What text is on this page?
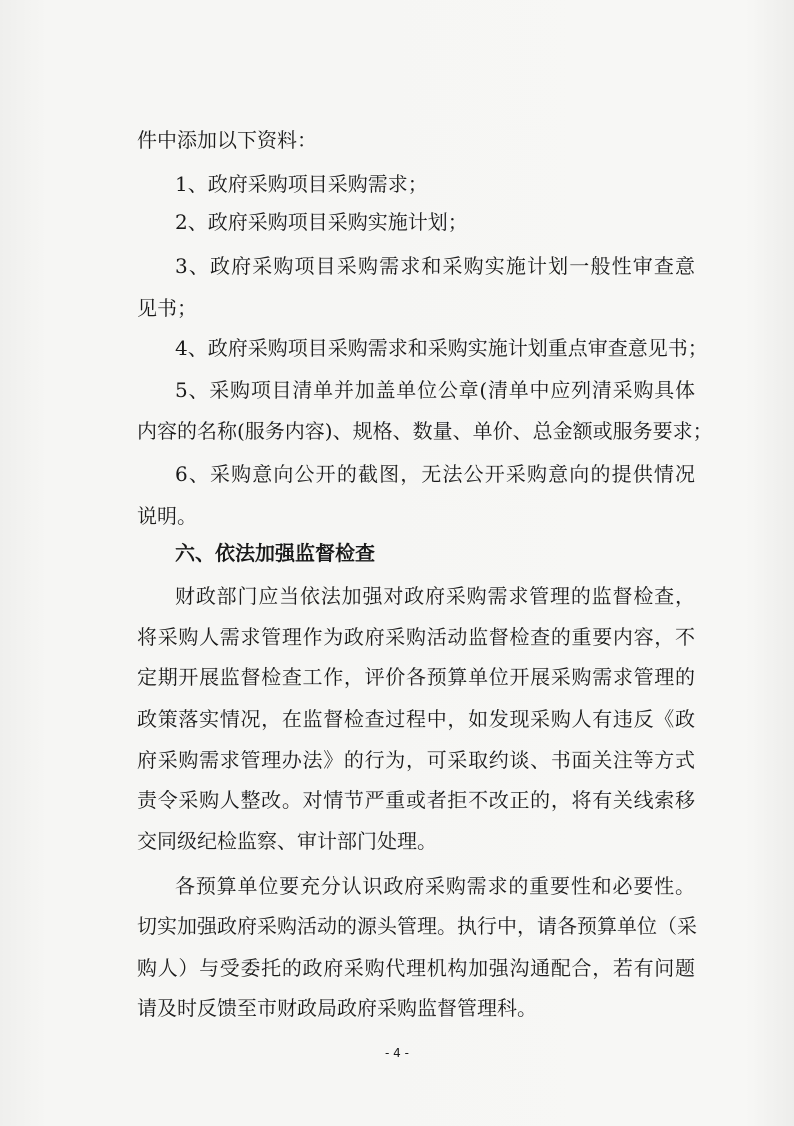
件中添加以下资料：
1、政府采购项目采购需求；
2、政府采购项目采购实施计划；
3、政府采购项目采购需求和采购实施计划一般性审查意
见书；
4、政府采购项目采购需求和采购实施计划重点审查意见书；
5、采购项目清单并加盖单位公章(清单中应列清采购具体
内容的名称(服务内容)、规格、数量、单价、总金额或服务要求；
6、采购意向公开的截图，无法公开采购意向的提供情况
说明。
六、依法加强监督检查
财政部门应当依法加强对政府采购需求管理的监督检查，
将采购人需求管理作为政府采购活动监督检查的重要内容，不
定期开展监督检查工作，评价各预算单位开展采购需求管理的
政策落实情况，在监督检查过程中，如发现采购人有违反《政
府采购需求管理办法》的行为，可采取约谈、书面关注等方式
责令采购人整改。对情节严重或者拒不改正的，将有关线索移
交同级纪检监察、审计部门处理。
各预算单位要充分认识政府采购需求的重要性和必要性。
切实加强政府采购活动的源头管理。执行中，请各预算单位（采
购人）与受委托的政府采购代理机构加强沟通配合，若有问题
请及时反馈至市财政局政府采购监督管理科。
- 4 -
